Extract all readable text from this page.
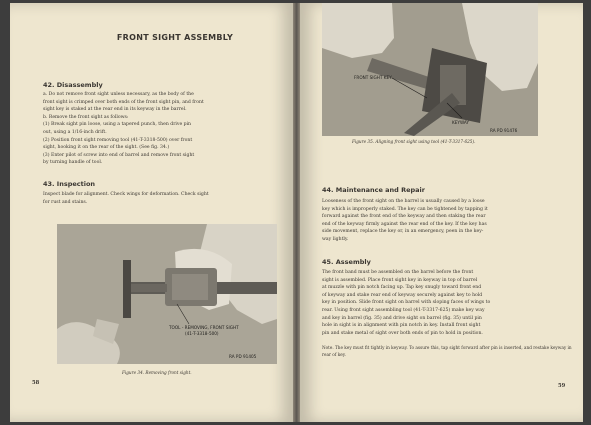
FRONT SIGHT ASSEMBLY
42. Disassembly

a. Do not remove front sight unless necessary, as the body of the

front sight is crimped over both ends of the front sight pin, and front

sight key is staked at the rear end in its keyway in the barrel.

b. Remove the front sight as follows:

(1) Break sight pin loose, using a tapered punch, then drive pin

out, using a 1/16-inch drift.

(2) Position front sight removing tool (41-T-3318-500) over front

sight, hooking it on the rear of the sight. (See fig. 34.)

(3) Enter pilot of screw into end of barrel and remove front sight

by turning handle of tool.

43. Inspection

Inspect blade for alignment. Check wings for deformation. Check sight

for rust and stains.

TOOL - REMOVING, FRONT SIGHT
(41-T-3318-500)
RA PD 91405
Figure 34. Removing front sight.
58
FRONT SIGHT KEY
KEYWAY
RA PD 91476
Figure 35. Aligning front sight using tool (41-T-3317-625).
44. Maintenance and Repair

Looseness of the front sight on the barrel is usually caused by a loose

key which is improperly staked. The key can be tightened by tapping it

forward against the front end of the keyway and then staking the rear

end of the keyway firmly against the rear end of the key. If the key has

side movement, replace the key or, in an emergency, peen in the key-

way lightly.

45. Assembly

The front band must be assembled on the barrel before the front

sight is assembled. Place front sight key in keyway in top of barrel

at muzzle with pin notch facing up. Tap key snugly toward front end

of keyway and stake rear end of keyway securely against key to hold

key in position. Slide front sight on barrel with sloping faces of wings to

rear. Using front sight assembling tool (41-T-3317-625) make key way

and key in barrel (fig. 35) and drive sight on barrel (fig. 35) until pin

hole in sight is in alignment with pin notch in key. Install front sight

pin and stake metal of sight over both ends of pin to hold in position.

Note. The key must fit tightly in keyway. To assure this, tap sight forward after pin is inserted, and restake keyway in rear of key.
59
